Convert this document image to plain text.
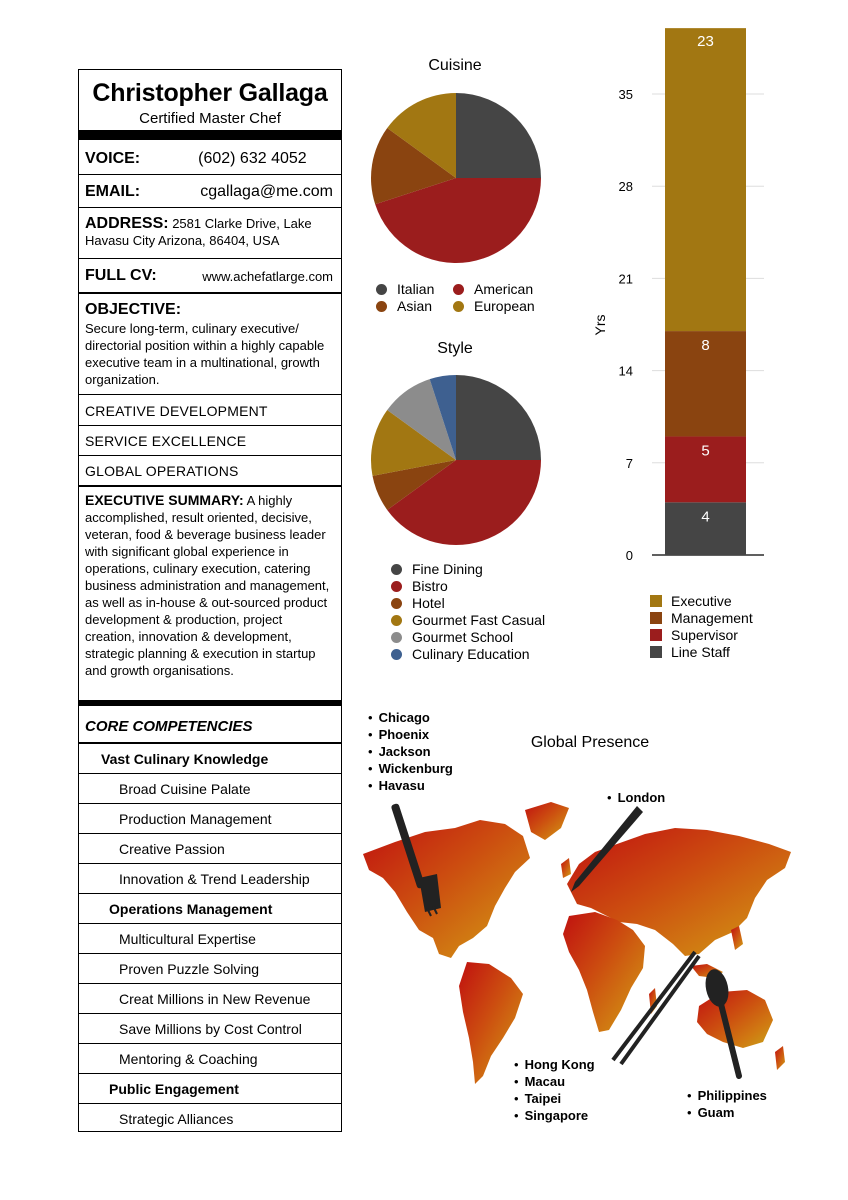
Christopher Gallaga
Certified Master Chef
VOICE:	(602) 632 4052
EMAIL:	cgallaga@me.com
ADDRESS: 2581 Clarke Drive, Lake Havasu City Arizona, 86404, USA
FULL CV:	www.achefatlarge.com
OBJECTIVE:
Secure long-term, culinary executive/ directorial position within a highly capable executive team in a multinational, growth organization.
CREATIVE DEVELOPMENT
SERVICE EXCELLENCE
GLOBAL OPERATIONS
EXECUTIVE SUMMARY: A highly accomplished, result oriented, decisive, veteran, food & beverage business leader with significant global experience in operations, culinary execution, catering business administration and management, as well as in-house & out-sourced product development & production, project creation, innovation & development, strategic planning & execution in startup and growth organisations.
CORE COMPETENCIES
Vast Culinary Knowledge
Broad Cuisine Palate
Production Management
Creative Passion
Innovation & Trend Leadership
Operations Management
Multicultural Expertise
Proven Puzzle Solving
Creat Millions in New Revenue
Save Millions by Cost Control
Mentoring & Coaching
Public Engagement
Strategic Alliances
Cuisine
Italian	American
Asian	European
Style
Fine Dining
Bistro
Hotel
Gourmet Fast Casual
Gourmet School
Culinary Education
0
7
14
21
28
35
Yrs
4
5
8
23
Executive
Management
Supervisor
Line Staff
Global Presence
• Chicago
• Phoenix
• Jackson
• Wickenburg
• Havasu
• London
• Hong Kong
• Macau
• Taipei
• Singapore
• Philippines
• Guam
